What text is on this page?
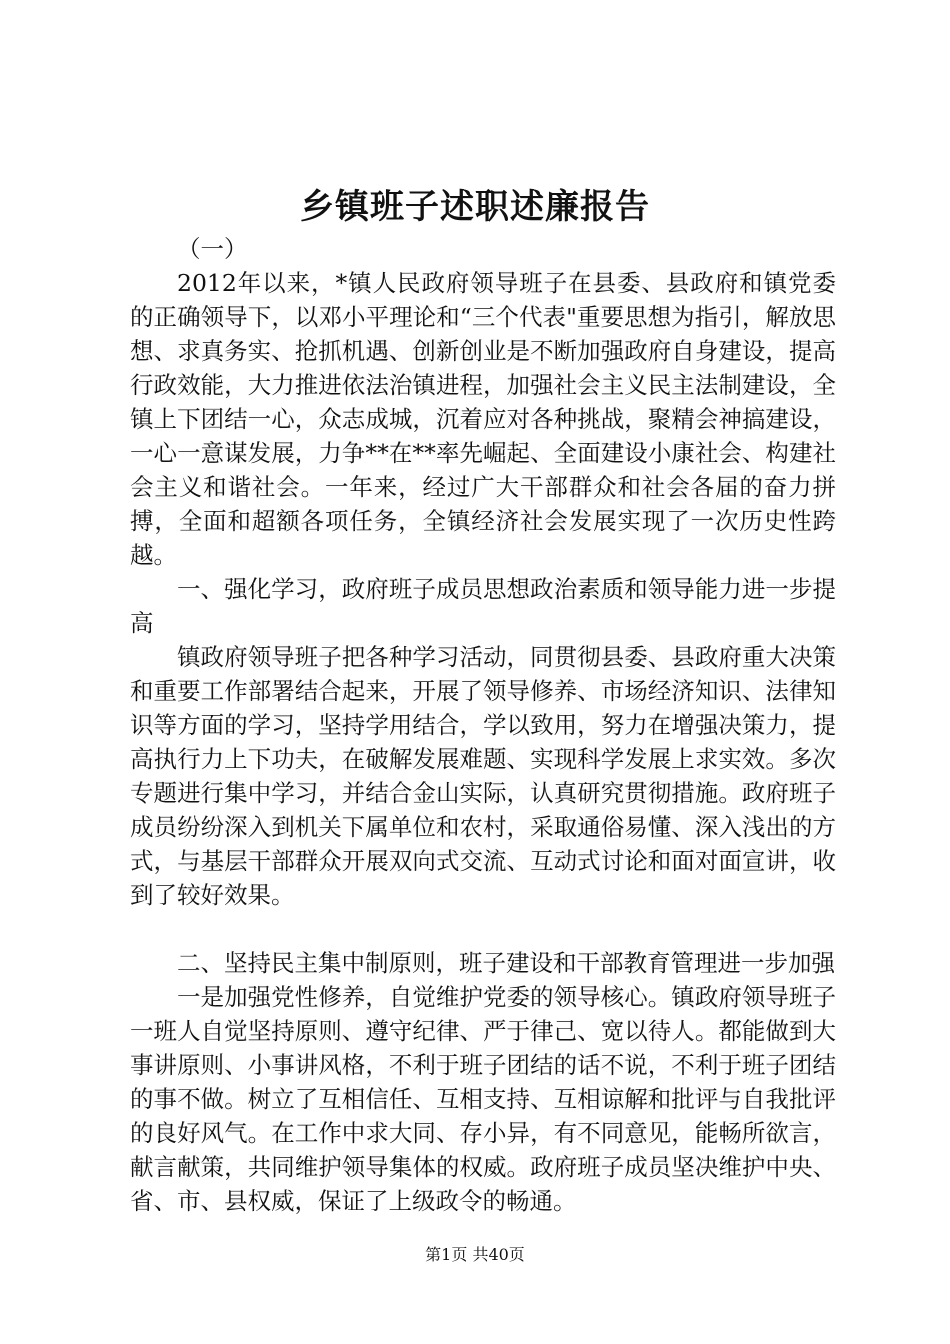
乡镇班子述职述廉报告

（一）

2012年以来，*镇人民政府领导班子在县委、县政府和镇党委的正确领导下，以邓小平理论和“三个代表"重要思想为指引，解放思想、求真务实、抢抓机遇、创新创业是不断加强政府自身建设，提高行政效能，大力推进依法治镇进程，加强社会主义民主法制建设，全镇上下团结一心，众志成城，沉着应对各种挑战，聚精会神搞建设，一心一意谋发展，力争**在**率先崛起、全面建设小康社会、构建社会主义和谐社会。一年来，经过广大干部群众和社会各届的奋力拼搏，全面和超额各项任务，全镇经济社会发展实现了一次历史性跨越。

一、强化学习，政府班子成员思想政治素质和领导能力进一步提高

镇政府领导班子把各种学习活动，同贯彻县委、县政府重大决策和重要工作部署结合起来，开展了领导修养、市场经济知识、法律知识等方面的学习，坚持学用结合，学以致用，努力在增强决策力，提高执行力上下功夫，在破解发展难题、实现科学发展上求实效。多次专题进行集中学习，并结合金山实际，认真研究贯彻措施。政府班子成员纷纷深入到机关下属单位和农村，采取通俗易懂、深入浅出的方式，与基层干部群众开展双向式交流、互动式讨论和面对面宣讲，收到了较好效果。

二、坚持民主集中制原则，班子建设和干部教育管理进一步加强

一是加强党性修养，自觉维护党委的领导核心。镇政府领导班子一班人自觉坚持原则、遵守纪律、严于律己、宽以待人。都能做到大事讲原则、小事讲风格，不利于班子团结的话不说，不利于班子团结的事不做。树立了互相信任、互相支持、互相谅解和批评与自我批评的良好风气。在工作中求大同、存小异，有不同意见，能畅所欲言，献言献策，共同维护领导集体的权威。政府班子成员坚决维护中央、省、市、县权威，保证了上级政令的畅通。

第1页 共40页
